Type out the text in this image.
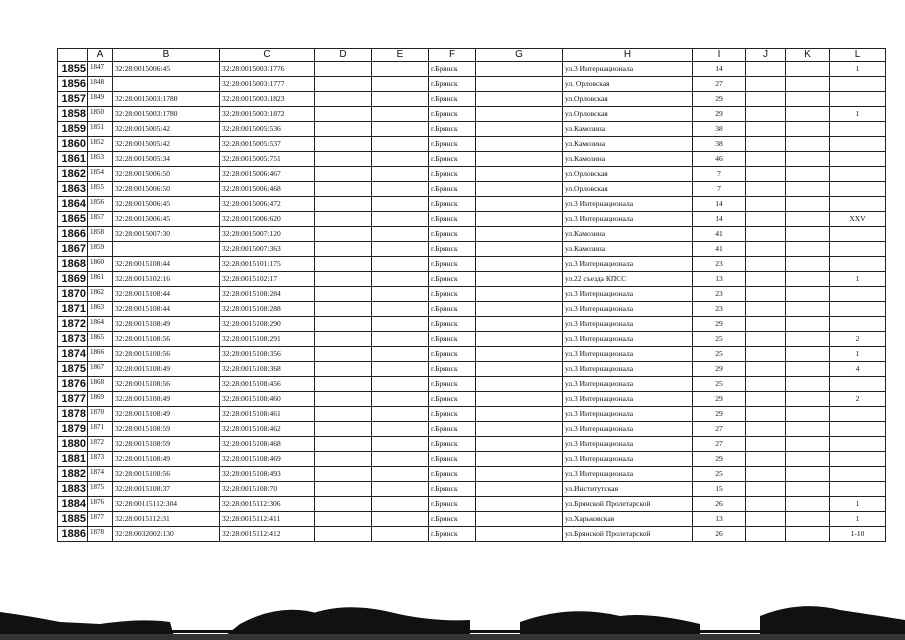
	A	B	C	D	E	F	G	H	I	J	K	L
1855	1847	32:28:0015006:45	32:28:0015003:1776			г.Брянск		ул.3 Интернационала	14			1
1856	1848		32:28:0015003:1777			г.Брянск		ул. Орловская	27			
1857	1849	32:28:0015003:1780	32:28:0015003:1823			г.Брянск		ул.Орловская	29			
1858	1850	32:28:0015003:1780	32:28:0015003:1872			г.Брянск		ул.Орловская	29			1
1859	1851	32:28:0015005:42	32:28:0015005:536			г.Брянск		ул.Камозина	38			
1860	1852	32:28:0015005:42	32:28:0015005:537			г.Брянск		ул.Камозина	38			
1861	1853	32:28:0015005:34	32:28:0015005:751			г.Брянск		ул.Камозина	46			
1862	1854	32:28:0015006:50	32:28:0015006:467			г.Брянск		ул.Орловская	7			
1863	1855	32:28:0015006:50	32:28:0015006:468			г.Брянск		ул.Орловская	7			
1864	1856	32:28:0015006:45	32:28:0015006:472			г.Брянск		ул.3 Интернационала	14			
1865	1857	32:28:0015006:45	32:28:0015006:620			г.Брянск		ул.3 Интернационала	14			XXV
1866	1858	32:28:0015007:30	32:28:0015007:120			г.Брянск		ул.Камозина	41			
1867	1859		32:28:0015007:363			г.Брянск		ул.Камозина	41			
1868	1860	32:28:0015108:44	32:28:0015101:175			г.Брянск		ул.3 Интернационала	23			
1869	1861	32:28:0015102:16	32:28:0015102:17			г.Брянск		ул.22 съезда КПСС	13			1
1870	1862	32:28:0015108:44	32:28:0015108:284			г.Брянск		ул.3 Интернационала	23			
1871	1863	32:28:0015108:44	32:28:0015108:288			г.Брянск		ул.3 Интернационала	23			
1872	1864	32:28:0015108:49	32:28:0015108:290			г.Брянск		ул.3 Интернационала	29			
1873	1865	32:28:0015108:56	32:28:0015108:291			г.Брянск		ул.3 Интернационала	25			2
1874	1866	32:28:0015108:56	32:28:0015108:356			г.Брянск		ул.3 Интернационала	25			1
1875	1867	32:28:0015108:49	32:28:0015108:368			г.Брянск		ул.3 Интернационала	29			4
1876	1868	32:28:0015108:56	32:28:0015108:456			г.Брянск		ул.3 Интернационала	25			
1877	1869	32:28:0015108:49	32:28:0015108:460			г.Брянск		ул.3 Интернационала	29			2
1878	1870	32:28:0015108:49	32:28:0015108:461			г.Брянск		ул.3 Интернационала	29			
1879	1871	32:28:0015108:59	32:28:0015108:462			г.Брянск		ул.3 Интернационала	27			
1880	1872	32:28:0015108:59	32:28:0015108:468			г.Брянск		ул.3 Интернационала	27			
1881	1873	32:28:0015108:49	32:28:0015108:469			г.Брянск		ул.3 Интернационала	29			
1882	1874	32:28:0015108:56	32:28:0015108:493			г.Брянск		ул.3 Интернационала	25			
1883	1875	32:28:0015108:37	32:28:0015108:70			г.Брянск		ул.Институтская	15			
1884	1876	32:28:00115112:304	32:28:0015112:306			г.Брянск		ул.Брянской Пролетарской	26			1
1885	1877	32:28:0015112:31	32:28:0015112:411			г.Брянск		ул.Харьковская	13			1
1886	1878	32:28:0032002:130	32:28:0015112:412			г.Брянск		ул.Брянской Пролетарской	26			1-10
